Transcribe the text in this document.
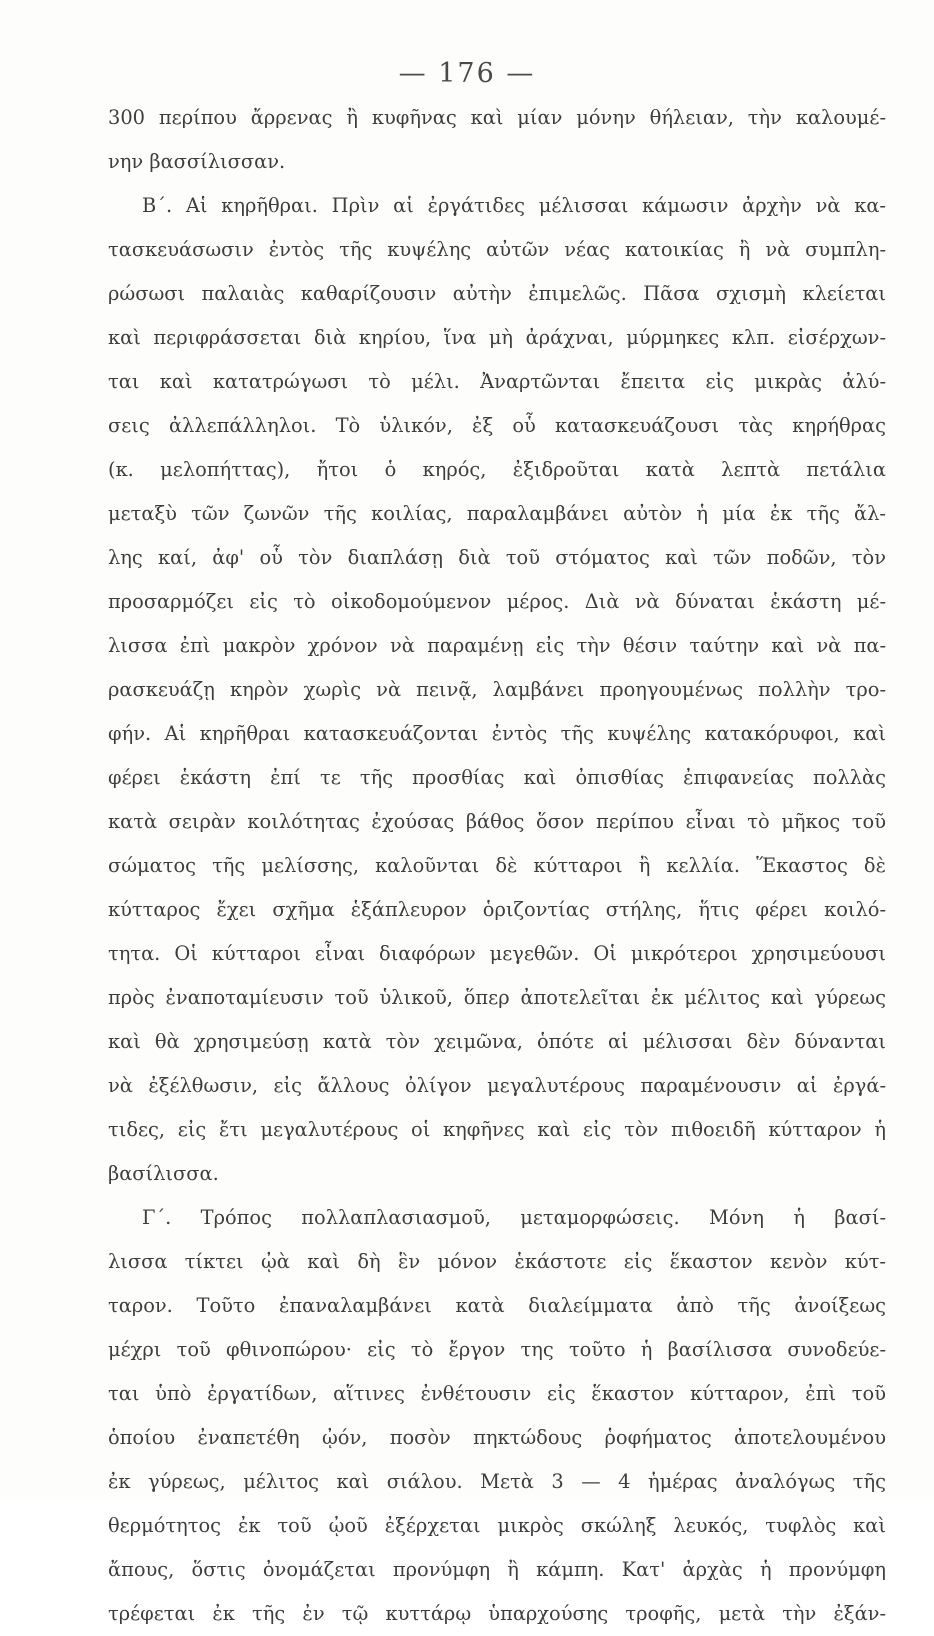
— 176 —
300 περίπου ἄρρενας ἢ κυφῆνας καὶ μίαν μόνην θήλειαν, τὴν καλουμέ-
νην βασσίλισσαν.
Β΄. Αἱ κηρῆθραι. Πρὶν αἱ ἐργάτιδες μέλισσαι κάμωσιν ἀρχὴν νὰ κα-
τασκευάσωσιν ἐντὸς τῆς κυψέλης αὐτῶν νέας κατοικίας ἢ νὰ συμπλη-
ρώσωσι παλαιὰς καθαρίζουσιν αὐτὴν ἐπιμελῶς. Πᾶσα σχισμὴ κλείεται
καὶ περιφράσσεται διὰ κηρίου, ἵνα μὴ ἀράχναι, μύρμηκες κλπ. εἰσέρχων-
ται καὶ κατατρώγωσι τὸ μέλι. Ἀναρτῶνται ἔπειτα εἰς μικρὰς ἀλύ-
σεις ἀλλεπάλληλοι. Τὸ ὑλικόν, ἐξ οὗ κατασκευάζουσι τὰς κηρήθρας
(κ. μελοπήττας), ἤτοι ὁ κηρός, ἐξιδροῦται κατὰ λεπτὰ πετάλια
μεταξὺ τῶν ζωνῶν τῆς κοιλίας, παραλαμβάνει αὐτὸν ἡ μία ἐκ τῆς ἄλ-
λης καί, ἀφ' οὗ τὸν διαπλάσῃ διὰ τοῦ στόματος καὶ τῶν ποδῶν, τὸν
προσαρμόζει εἰς τὸ οἰκοδομούμενον μέρος. Διὰ νὰ δύναται ἑκάστη μέ-
λισσα ἐπὶ μακρὸν χρόνον νὰ παραμένῃ εἰς τὴν θέσιν ταύτην καὶ νὰ πα-
ρασκευάζῃ κηρὸν χωρὶς νὰ πεινᾷ, λαμβάνει προηγουμένως πολλὴν τρο-
φήν. Αἱ κηρῆθραι κατασκευάζονται ἐντὸς τῆς κυψέλης κατακόρυφοι, καὶ
φέρει ἑκάστη ἐπί τε τῆς προσθίας καὶ ὀπισθίας ἐπιφανείας πολλὰς
κατὰ σειρὰν κοιλότητας ἐχούσας βάθος ὅσον περίπου εἶναι τὸ μῆκος τοῦ
σώματος τῆς μελίσσης, καλοῦνται δὲ κύτταροι ἢ κελλία. Ἕκαστος δὲ
κύτταρος ἔχει σχῆμα ἑξάπλευρον ὁριζοντίας στήλης, ἥτις φέρει κοιλό-
τητα. Οἱ κύτταροι εἶναι διαφόρων μεγεθῶν. Οἱ μικρότεροι χρησιμεύουσι
πρὸς ἐναποταμίευσιν τοῦ ὑλικοῦ, ὅπερ ἀποτελεῖται ἐκ μέλιτος καὶ γύρεως
καὶ θὰ χρησιμεύσῃ κατὰ τὸν χειμῶνα, ὁπότε αἱ μέλισσαι δὲν δύνανται
νὰ ἐξέλθωσιν, εἰς ἄλλους ὀλίγον μεγαλυτέρους παραμένουσιν αἱ ἐργά-
τιδες, εἰς ἔτι μεγαλυτέρους οἱ κηφῆνες καὶ εἰς τὸν πιθοειδῆ κύτταρον ἡ
βασίλισσα.
Γ΄. Τρόπος πολλαπλασιασμοῦ, μεταμορφώσεις. Μόνη ἡ βασί-
λισσα τίκτει ᾠὰ καὶ δὴ ἓν μόνον ἑκάστοτε εἰς ἕκαστον κενὸν κύτ-
ταρον. Τοῦτο ἐπαναλαμβάνει κατὰ διαλείμματα ἀπὸ τῆς ἀνοίξεως
μέχρι τοῦ φθινοπώρου· εἰς τὸ ἔργον της τοῦτο ἡ βασίλισσα συνοδεύε-
ται ὑπὸ ἐργατίδων, αἵτινες ἐνθέτουσιν εἰς ἕκαστον κύτταρον, ἐπὶ τοῦ
ὁποίου ἐναπετέθη ᾠόν, ποσὸν πηκτώδους ῥοφήματος ἀποτελουμένου
ἐκ γύρεως, μέλιτος καὶ σιάλου. Μετὰ 3 — 4 ἡμέρας ἀναλόγως τῆς
θερμότητος ἐκ τοῦ ᾠοῦ ἐξέρχεται μικρὸς σκώληξ λευκός, τυφλὸς καὶ
ἄπους, ὅστις ὀνομάζεται προνύμφη ἢ κάμπη. Κατ' ἀρχὰς ἡ προνύμφη
τρέφεται ἐκ τῆς ἐν τῷ κυττάρῳ ὑπαρχούσης τροφῆς, μετὰ τὴν ἐξάν-
